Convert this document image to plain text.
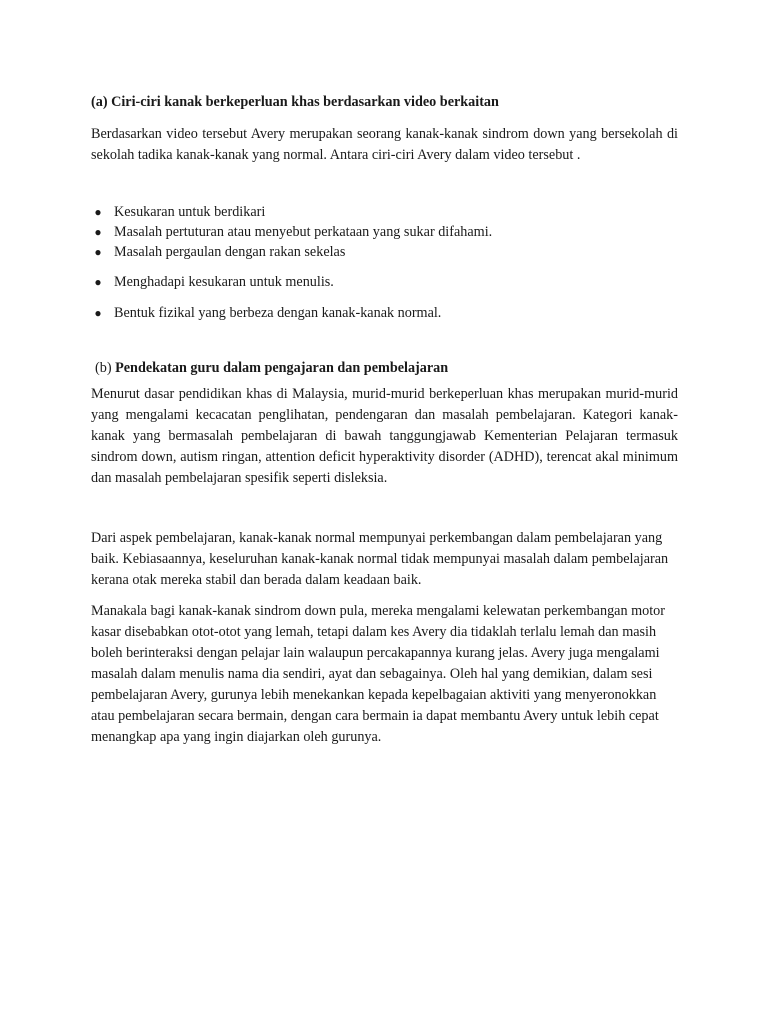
(a) Ciri-ciri kanak berkeperluan khas berdasarkan video berkaitan

Berdasarkan video tersebut Avery merupakan seorang kanak-kanak sindrom down yang bersekolah di sekolah tadika kanak-kanak yang normal. Antara ciri-ciri Avery dalam video tersebut .

● Kesukaran untuk berdikari
● Masalah pertuturan atau menyebut perkataan yang sukar difahami.
● Masalah pergaulan dengan rakan sekelas
● Menghadapi kesukaran untuk menulis.
● Bentuk fizikal yang berbeza dengan kanak-kanak normal.

(b) Pendekatan guru dalam pengajaran dan pembelajaran

Menurut dasar pendidikan khas di Malaysia, murid-murid berkeperluan khas merupakan murid-murid yang mengalami kecacatan penglihatan, pendengaran dan masalah pembelajaran. Kategori kanak-kanak yang bermasalah pembelajaran di bawah tanggungjawab Kementerian Pelajaran termasuk sindrom down, autism ringan, attention deficit hyperaktivity disorder (ADHD), terencat akal minimum dan masalah pembelajaran spesifik seperti disleksia.

Dari aspek pembelajaran, kanak-kanak normal mempunyai perkembangan dalam pembelajaran yang baik. Kebiasaannya, keseluruhan kanak-kanak normal tidak mempunyai masalah dalam pembelajaran kerana otak mereka stabil dan berada dalam keadaan baik.

Manakala bagi kanak-kanak sindrom down pula, mereka mengalami kelewatan perkembangan motor kasar disebabkan otot-otot yang lemah, tetapi dalam kes Avery dia tidaklah terlalu lemah dan masih boleh berinteraksi dengan pelajar lain walaupun percakapannya kurang jelas. Avery juga mengalami masalah dalam menulis nama dia sendiri, ayat dan sebagainya. Oleh hal yang demikian, dalam sesi pembelajaran Avery, gurunya lebih menekankan kepada kepelbagaian aktiviti yang menyeronokkan atau pembelajaran secara bermain, dengan cara bermain ia dapat membantu Avery untuk lebih cepat menangkap apa yang ingin diajarkan oleh gurunya.
